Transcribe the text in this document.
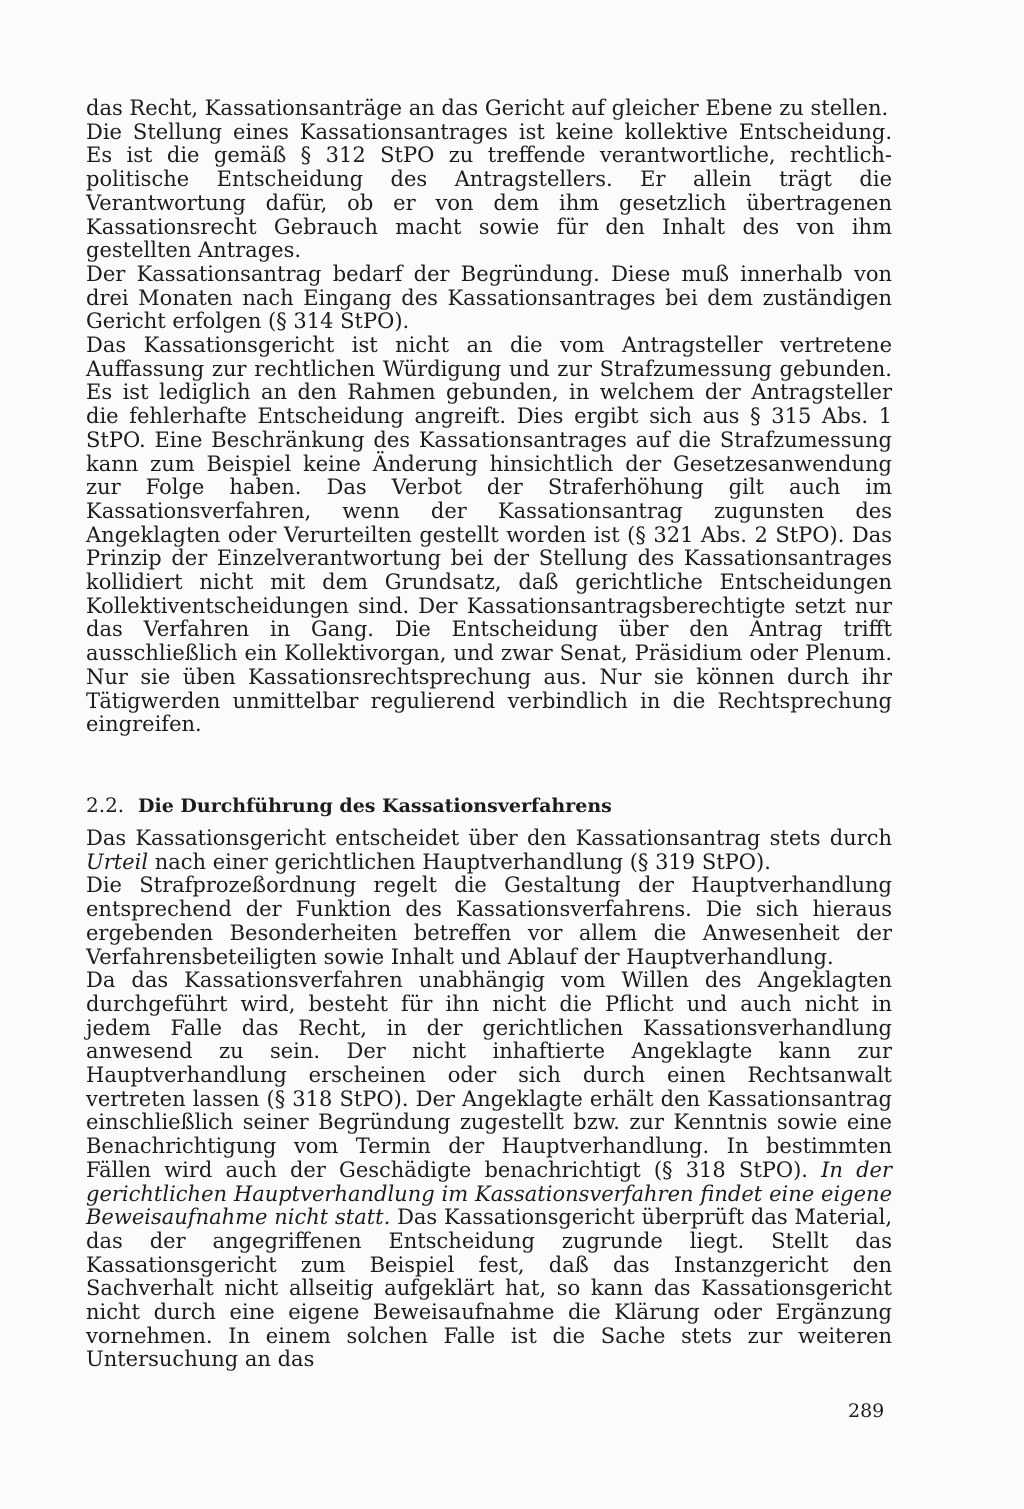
das Recht, Kassationsanträge an das Gericht auf gleicher Ebene zu stellen.

Die Stellung eines Kassationsantrages ist keine kollektive Entscheidung. Es ist die gemäß § 312 StPO zu treffende verantwortliche, rechtlich-politische Entscheidung des Antragstellers. Er allein trägt die Verantwortung dafür, ob er von dem ihm gesetzlich übertragenen Kassationsrecht Gebrauch macht sowie für den Inhalt des von ihm gestellten Antrages.

Der Kassationsantrag bedarf der Begründung. Diese muß innerhalb von drei Monaten nach Eingang des Kassationsantrages bei dem zuständigen Gericht erfolgen (§ 314 StPO).

Das Kassationsgericht ist nicht an die vom Antragsteller vertretene Auffassung zur rechtlichen Würdigung und zur Strafzumessung gebunden. Es ist lediglich an den Rahmen gebunden, in welchem der Antragsteller die fehlerhafte Entscheidung angreift. Dies ergibt sich aus § 315 Abs. 1 StPO. Eine Beschränkung des Kassationsantrages auf die Strafzumessung kann zum Beispiel keine Änderung hinsichtlich der Gesetzesanwendung zur Folge haben. Das Verbot der Straferhöhung gilt auch im Kassationsverfahren, wenn der Kassationsantrag zugunsten des Angeklagten oder Verurteilten gestellt worden ist (§ 321 Abs. 2 StPO). Das Prinzip der Einzelverantwortung bei der Stellung des Kassationsantrages kollidiert nicht mit dem Grundsatz, daß gerichtliche Entscheidungen Kollektiventscheidungen sind. Der Kassationsantragsberechtigte setzt nur das Verfahren in Gang. Die Entscheidung über den Antrag trifft ausschließlich ein Kollektivorgan, und zwar Senat, Präsidium oder Plenum. Nur sie üben Kassationsrechtsprechung aus. Nur sie können durch ihr Tätigwerden unmittelbar regulierend verbindlich in die Rechtsprechung eingreifen.

2.2. Die Durchführung des Kassationsverfahrens

Das Kassationsgericht entscheidet über den Kassationsantrag stets durch Urteil nach einer gerichtlichen Hauptverhandlung (§ 319 StPO).

Die Strafprozeßordnung regelt die Gestaltung der Hauptverhandlung entsprechend der Funktion des Kassationsverfahrens. Die sich hieraus ergebenden Besonderheiten betreffen vor allem die Anwesenheit der Verfahrensbeteiligten sowie Inhalt und Ablauf der Hauptverhandlung.

Da das Kassationsverfahren unabhängig vom Willen des Angeklagten durchgeführt wird, besteht für ihn nicht die Pflicht und auch nicht in jedem Falle das Recht, in der gerichtlichen Kassationsverhandlung anwesend zu sein. Der nicht inhaftierte Angeklagte kann zur Hauptverhandlung erscheinen oder sich durch einen Rechtsanwalt vertreten lassen (§ 318 StPO). Der Angeklagte erhält den Kassationsantrag einschließlich seiner Begründung zugestellt bzw. zur Kenntnis sowie eine Benachrichtigung vom Termin der Hauptverhandlung. In bestimmten Fällen wird auch der Geschädigte benachrichtigt (§ 318 StPO). In der gerichtlichen Hauptverhandlung im Kassationsverfahren findet eine eigene Beweisaufnahme nicht statt. Das Kassationsgericht überprüft das Material, das der angegriffenen Entscheidung zugrunde liegt. Stellt das Kassationsgericht zum Beispiel fest, daß das Instanzgericht den Sachverhalt nicht allseitig aufgeklärt hat, so kann das Kassationsgericht nicht durch eine eigene Beweisaufnahme die Klärung oder Ergänzung vornehmen. In einem solchen Falle ist die Sache stets zur weiteren Untersuchung an das

289
